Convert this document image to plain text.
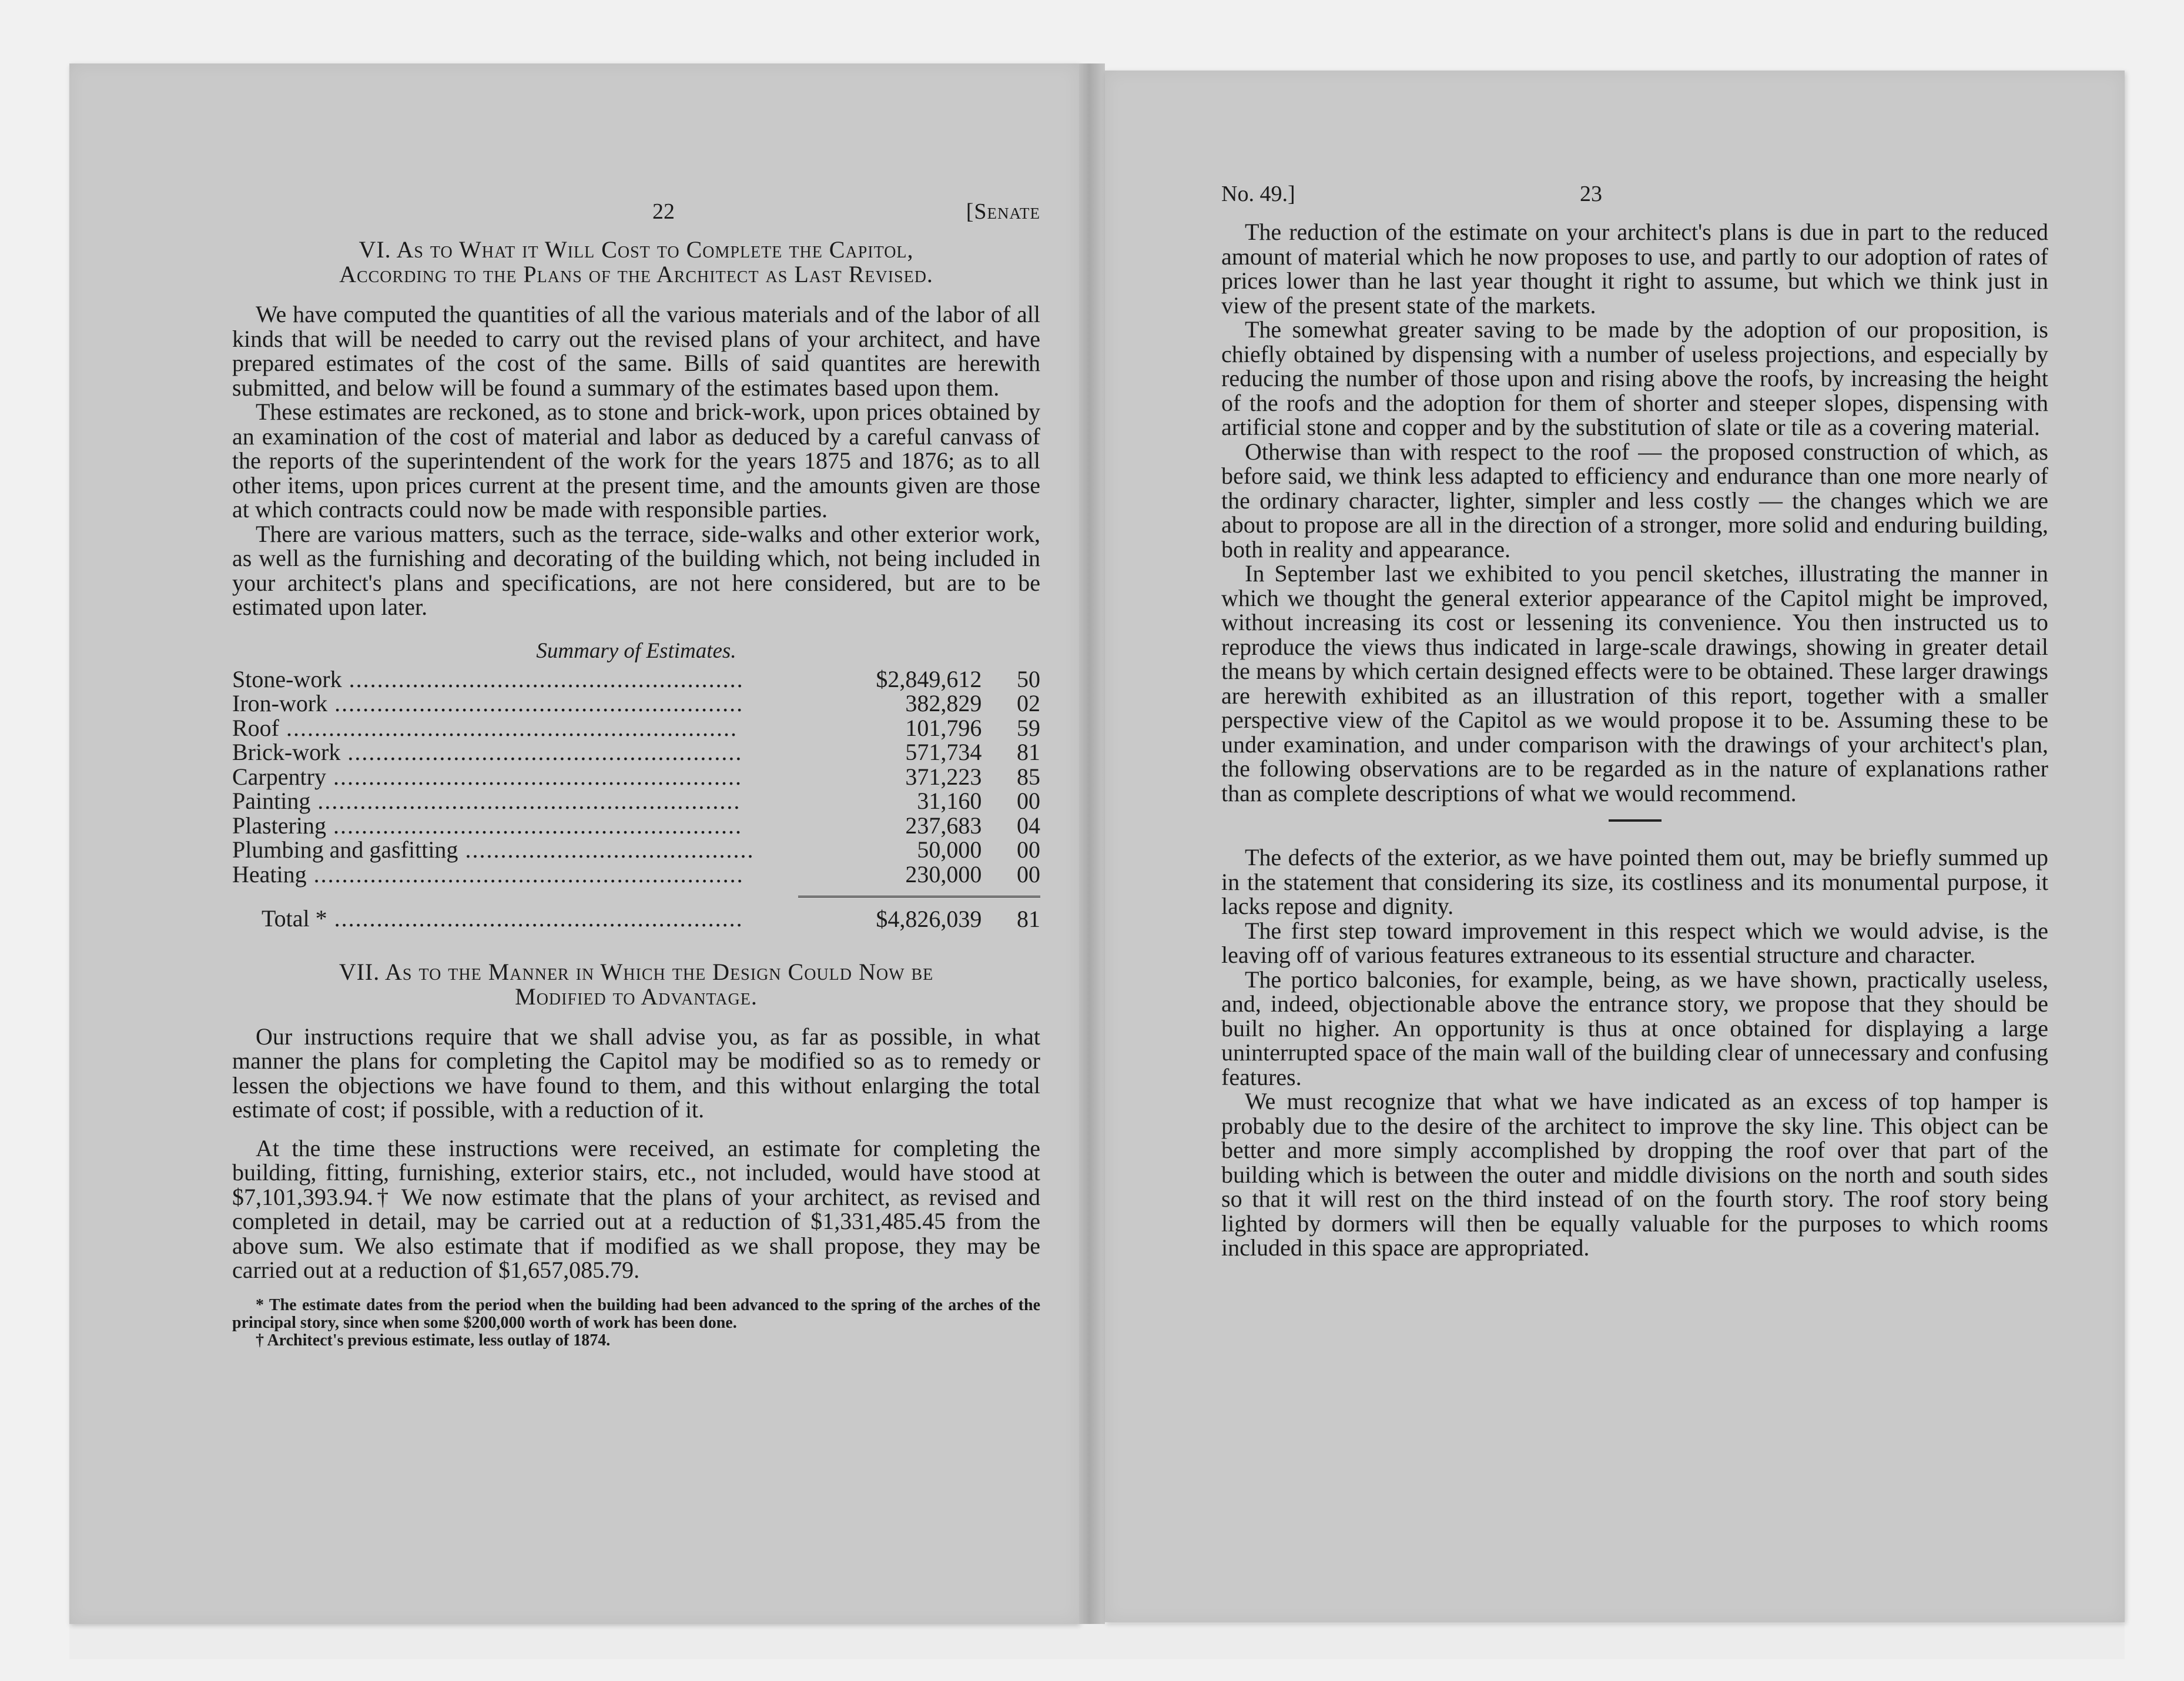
22	[Senate
VI. As to What it Will Cost to Complete the Capitol,
According to the Plans of the Architect as Last Revised.

We have computed the quantities of all the various materials and of the labor of all kinds that will be needed to carry out the revised plans of your architect, and have prepared estimates of the cost of the same. Bills of said quantites are herewith submitted, and below will be found a summary of the estimates based upon them.

These estimates are reckoned, as to stone and brick-work, upon prices obtained by an examination of the cost of material and labor as deduced by a careful canvass of the reports of the superintendent of the work for the years 1875 and 1876; as to all other items, upon prices current at the present time, and the amounts given are those at which contracts could now be made with responsible parties.

There are various matters, such as the terrace, side-walks and other exterior work, as well as the furnishing and decorating of the building which, not being included in your architect's plans and specifications, are not here considered, but are to be estimated upon later.

Summary of Estimates.
Stone-work ........................................................	$2,849,612	50
Iron-work ..........................................................	382,829	02
Roof ................................................................	101,796	59
Brick-work ........................................................	571,734	81
Carpentry ..........................................................	371,223	85
Painting ............................................................	31,160	00
Plastering ..........................................................	237,683	04
Plumbing and gasfitting .........................................	50,000	00
Heating .............................................................	230,000	00

Total * ..........................................................	$4,826,039	81
VII. As to the Manner in Which the Design Could Now be
Modified to Advantage.

Our instructions require that we shall advise you, as far as possible, in what manner the plans for completing the Capitol may be modified so as to remedy or lessen the objections we have found to them, and this without enlarging the total estimate of cost; if possible, with a reduction of it.

At the time these instructions were received, an estimate for completing the building, fitting, furnishing, exterior stairs, etc., not included, would have stood at $7,101,393.94.† We now estimate that the plans of your architect, as revised and completed in detail, may be carried out at a reduction of $1,331,485.45 from the above sum. We also estimate that if modified as we shall propose, they may be carried out at a reduction of $1,657,085.79.

* The estimate dates from the period when the building had been advanced to the spring of the arches of the principal story, since when some $200,000 worth of work has been done.
† Architect's previous estimate, less outlay of 1874.
No. 49.]	23

The reduction of the estimate on your architect's plans is due in part to the reduced amount of material which he now proposes to use, and partly to our adoption of rates of prices lower than he last year thought it right to assume, but which we think just in view of the present state of the markets.

The somewhat greater saving to be made by the adoption of our proposition, is chiefly obtained by dispensing with a number of useless projections, and especially by reducing the number of those upon and rising above the roofs, by increasing the height of the roofs and the adoption for them of shorter and steeper slopes, dispensing with artificial stone and copper and by the substitution of slate or tile as a covering material.

Otherwise than with respect to the roof — the proposed construction of which, as before said, we think less adapted to efficiency and endurance than one more nearly of the ordinary character, lighter, simpler and less costly — the changes which we are about to propose are all in the direction of a stronger, more solid and enduring building, both in reality and appearance.

In September last we exhibited to you pencil sketches, illustrating the manner in which we thought the general exterior appearance of the Capitol might be improved, without increasing its cost or lessening its convenience. You then instructed us to reproduce the views thus indicated in large-scale drawings, showing in greater detail the means by which certain designed effects were to be obtained. These larger drawings are herewith exhibited as an illustration of this report, together with a smaller perspective view of the Capitol as we would propose it to be. Assuming these to be under examination, and under comparison with the drawings of your architect's plan, the following observations are to be regarded as in the nature of explanations rather than as complete descriptions of what we would recommend.

The defects of the exterior, as we have pointed them out, may be briefly summed up in the statement that considering its size, its costliness and its monumental purpose, it lacks repose and dignity.

The first step toward improvement in this respect which we would advise, is the leaving off of various features extraneous to its essential structure and character.

The portico balconies, for example, being, as we have shown, practically useless, and, indeed, objectionable above the entrance story, we propose that they should be built no higher. An opportunity is thus at once obtained for displaying a large uninterrupted space of the main wall of the building clear of unnecessary and confusing features.

We must recognize that what we have indicated as an excess of top hamper is probably due to the desire of the architect to improve the sky line. This object can be better and more simply accomplished by dropping the roof over that part of the building which is between the outer and middle divisions on the north and south sides so that it will rest on the third instead of on the fourth story. The roof story being lighted by dormers will then be equally valuable for the purposes to which rooms included in this space are appropriated.
